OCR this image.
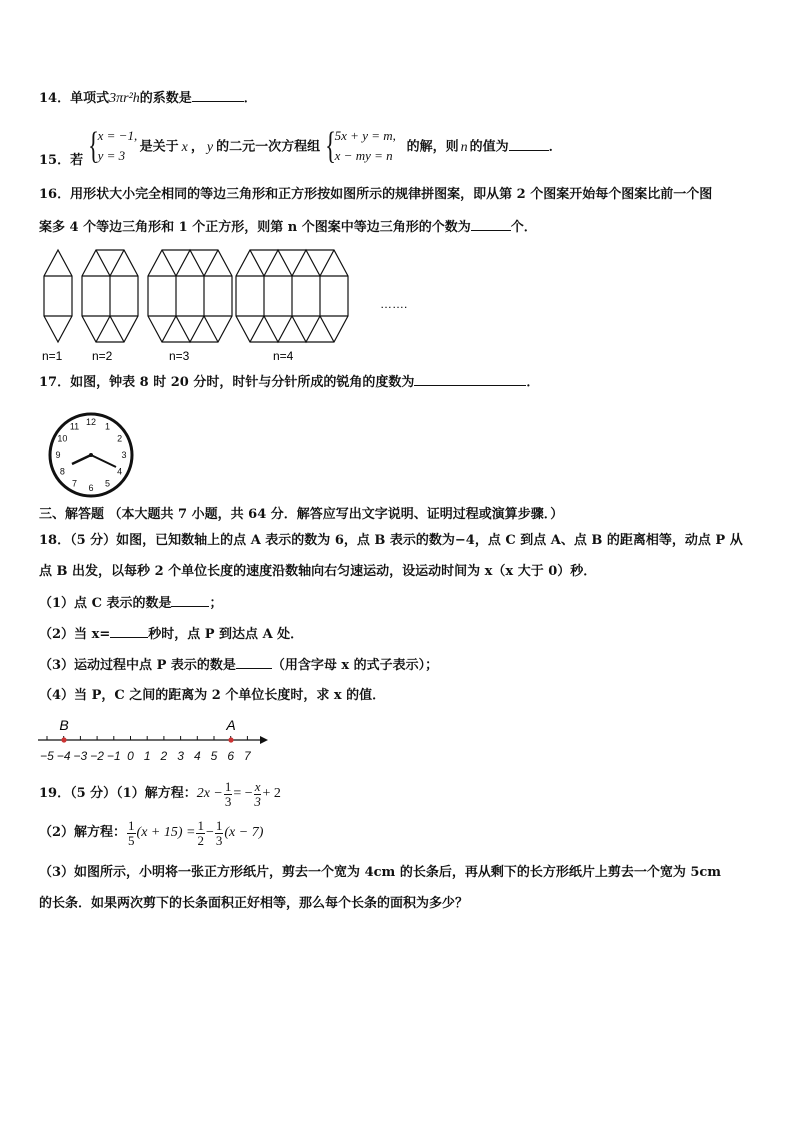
14．单项式3πr²h的系数是	．
15．若 { x = −1,
y = 3
是关于 x ， y 的二元一次方程组 { 5x + y = m,
x − my = n
的解，则 n 的值为	．
16．用形状大小完全相同的等边三角形和正方形按如图所示的规律拼图案，即从第 2 个图案开始每个图案比前一个图
案多 4 个等边三角形和 1 个正方形，则第 n 个图案中等边三角形的个数为	个．
…….
n=1 n=2	n=3	n=4
17．如图，钟表 8 时 20 分时，时针与分针所成的锐角的度数为	．
12 1
2
3
4
5
6
7
8
9
10
11
三、解答题 （本大题共 7 小题，共 64 分．解答应写出文字说明、证明过程或演算步骤．）
18．（5 分）如图，已知数轴上的点 A 表示的数为 6，点 B 表示的数为−4，点 C 到点 A、点 B 的距离相等，动点 P 从
点 B 出发，以每秒 2 个单位长度的速度沿数轴向右匀速运动，设运动时间为 x（x 大于 0）秒．
（1）点 C 表示的数是	；
（2）当 x=	秒时，点 P 到达点 A 处．
（3）运动过程中点 P 表示的数是	（用含字母 x 的式子表示）；
（4）当 P，C 之间的距离为 2 个单位长度时，求 x 的值．
−5 −4 −3 −2 −1 0 1 2 3 4 5 6 7
B	A
19．（5 分）（1）解方程： $2x - \frac{1}{3}$ = − $\frac{x}{3} + 2$
（2）解方程： $\frac{1}{5} (x + 15) = \frac{1}{2} - \frac{1}{3} (x - 7)$
（3）如图所示，小明将一张正方形纸片，剪去一个宽为 4cm 的长条后，再从剩下的长方形纸片上剪去一个宽为 5cm
的长条．如果两次剪下的长条面积正好相等，那么每个长条的面积为多少？
